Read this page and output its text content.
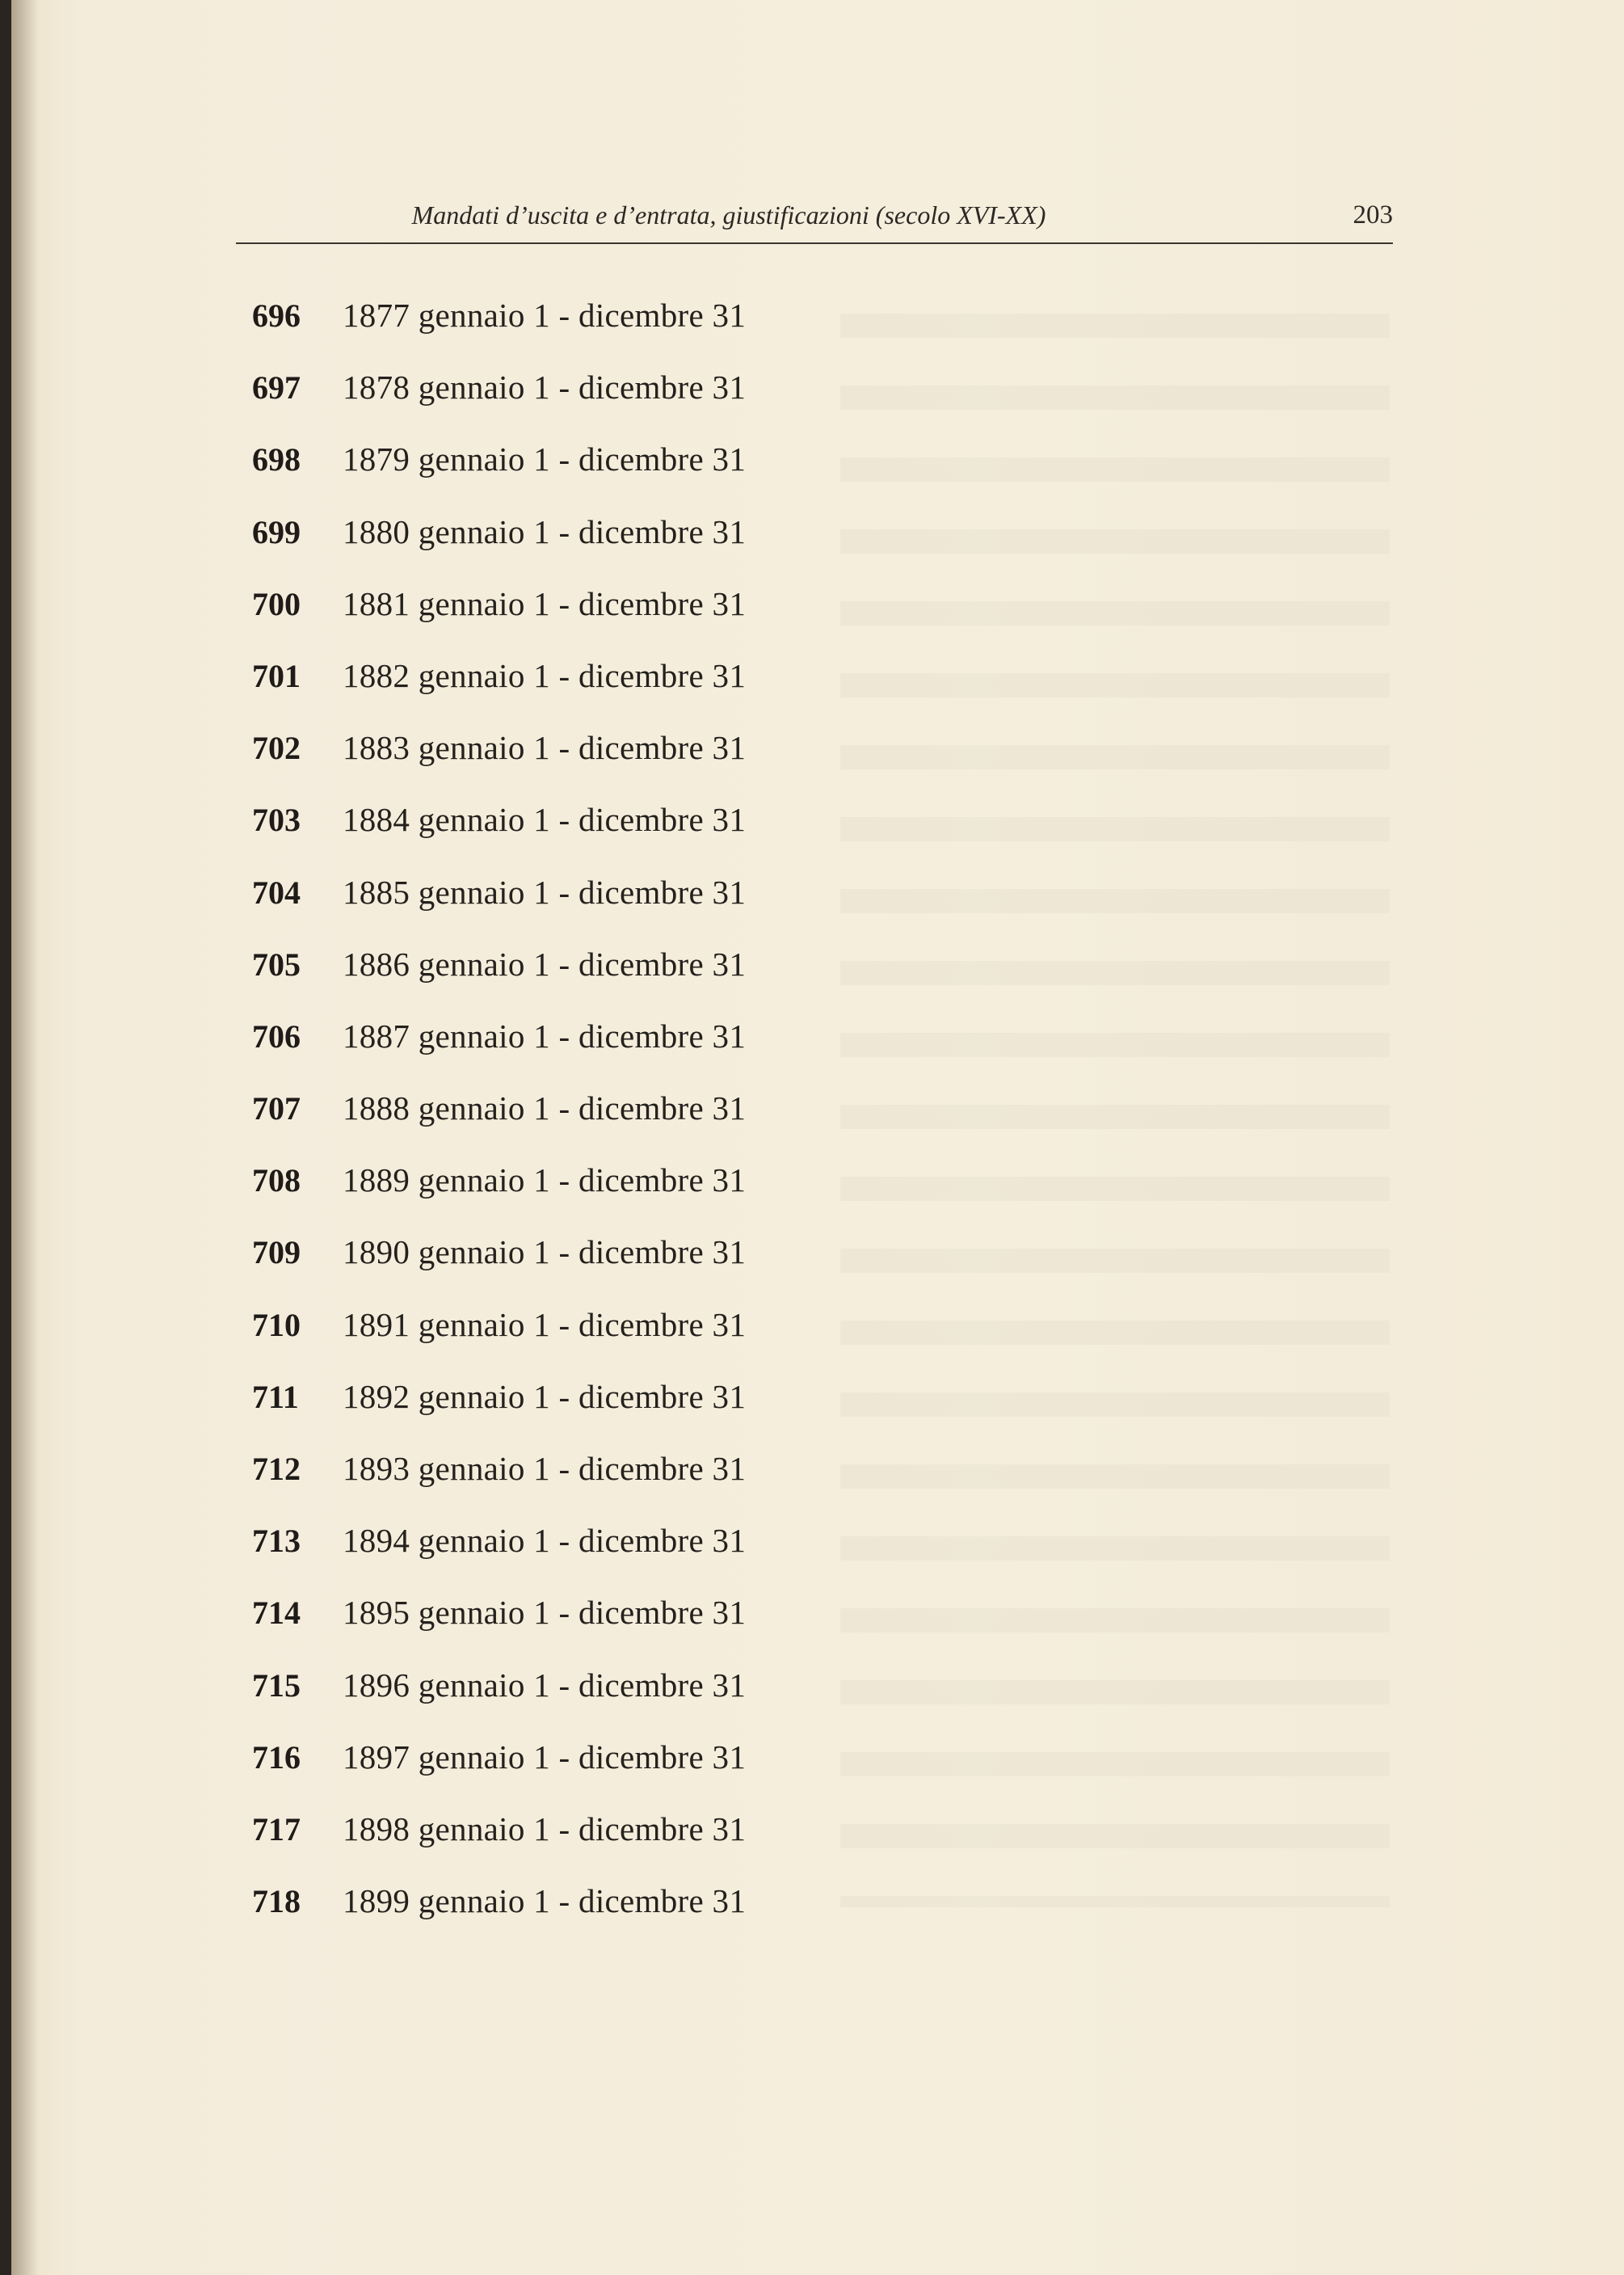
Mandati d’uscita e d’entrata, giustificazioni (secolo XVI-XX)	203
696	1877 gennaio 1 - dicembre 31
697	1878 gennaio 1 - dicembre 31
698	1879 gennaio 1 - dicembre 31
699	1880 gennaio 1 - dicembre 31
700	1881 gennaio 1 - dicembre 31
701	1882 gennaio 1 - dicembre 31
702	1883 gennaio 1 - dicembre 31
703	1884 gennaio 1 - dicembre 31
704	1885 gennaio 1 - dicembre 31
705	1886 gennaio 1 - dicembre 31
706	1887 gennaio 1 - dicembre 31
707	1888 gennaio 1 - dicembre 31
708	1889 gennaio 1 - dicembre 31
709	1890 gennaio 1 - dicembre 31
710	1891 gennaio 1 - dicembre 31
711	1892 gennaio 1 - dicembre 31
712	1893 gennaio 1 - dicembre 31
713	1894 gennaio 1 - dicembre 31
714	1895 gennaio 1 - dicembre 31
715	1896 gennaio 1 - dicembre 31
716	1897 gennaio 1 - dicembre 31
717	1898 gennaio 1 - dicembre 31
718	1899 gennaio 1 - dicembre 31
